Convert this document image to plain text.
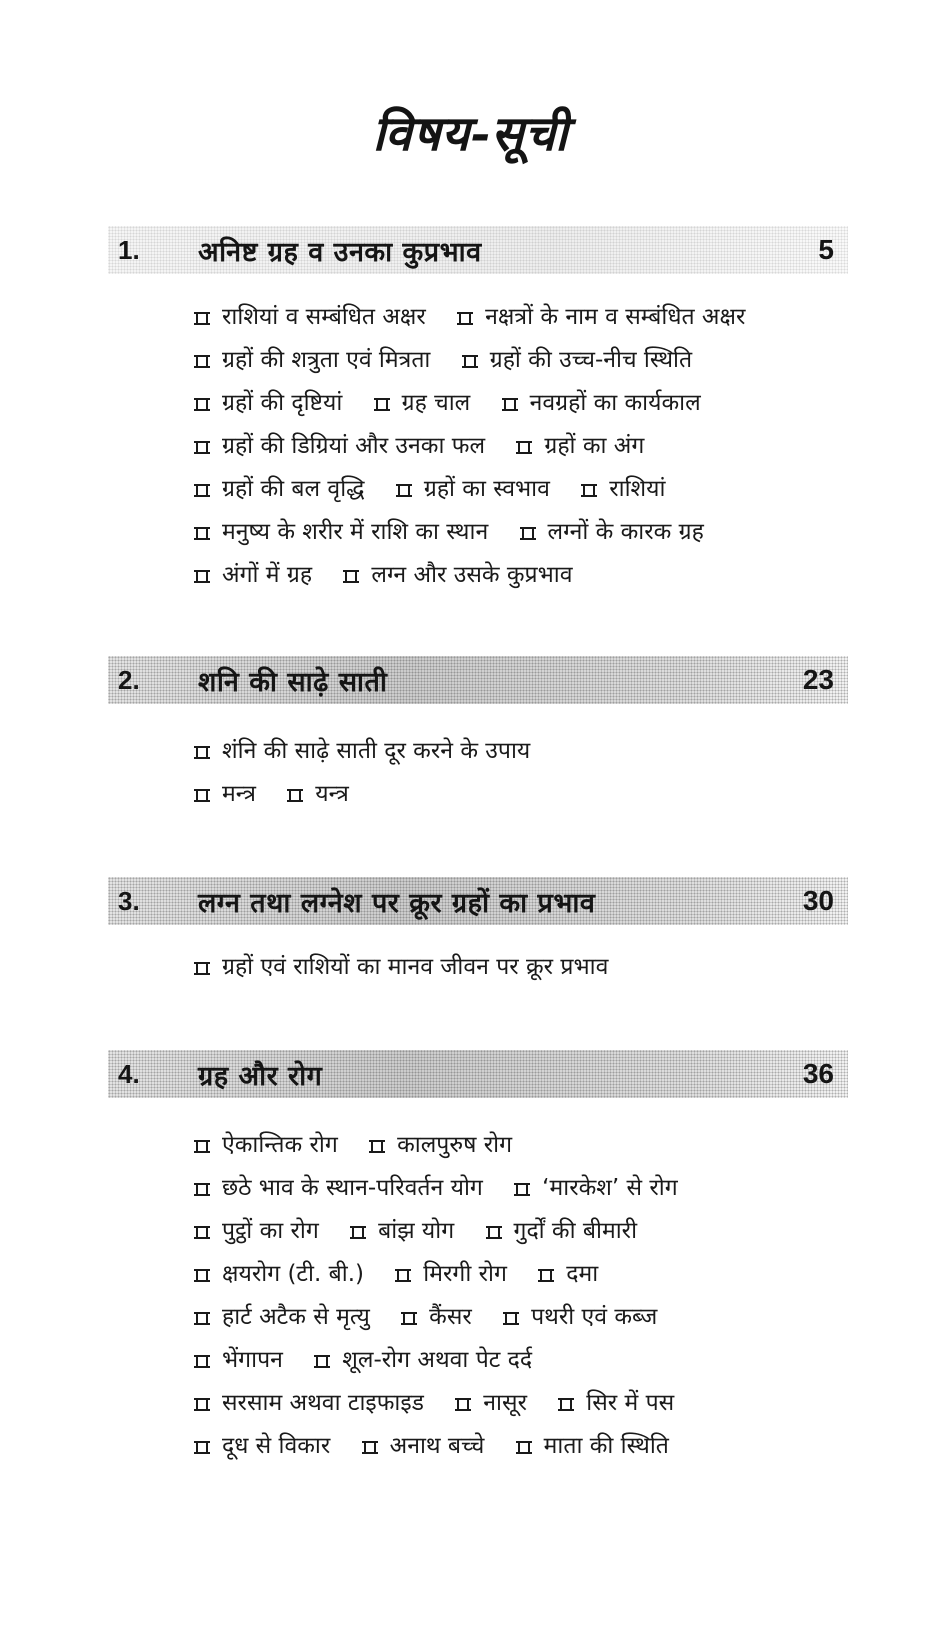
विषय-सूची
1.	अनिष्ट ग्रह व उनका कुप्रभाव	5
राशियां व सम्बंधित अक्षर	नक्षत्रों के नाम व सम्बंधित अक्षर
ग्रहों की शत्रुता एवं मित्रता	ग्रहों की उच्च-नीच स्थिति
ग्रहों की दृष्टियां	ग्रह चाल	नवग्रहों का कार्यकाल
ग्रहों की डिग्रियां और उनका फल	ग्रहों का अंग
ग्रहों की बल वृद्धि	ग्रहों का स्वभाव	राशियां
मनुष्य के शरीर में राशि का स्थान	लग्नों के कारक ग्रह
अंगों में ग्रह	लग्न और उसके कुप्रभाव
2.	शनि की साढ़े साती	23
शंनि की साढ़े साती दूर करने के उपाय
मन्त्र	यन्त्र
3.	लग्न तथा लग्नेश पर क्रूर ग्रहों का प्रभाव	30
ग्रहों एवं राशियों का मानव जीवन पर क्रूर प्रभाव
4.	ग्रह और रोग	36
ऐकान्तिक रोग	कालपुरुष रोग
छठे भाव के स्थान-परिवर्तन योग	‘मारकेश’ से रोग
पुट्ठों का रोग	बांझ योग	गुर्दों की बीमारी
क्षयरोग (टी. बी.)	मिरगी रोग	दमा
हार्ट अटैक से मृत्यु	कैंसर	पथरी एवं कब्ज
भेंगापन	शूल-रोग अथवा पेट दर्द
सरसाम अथवा टाइफाइड	नासूर	सिर में पस
दूध से विकार	अनाथ बच्चे	माता की स्थिति
